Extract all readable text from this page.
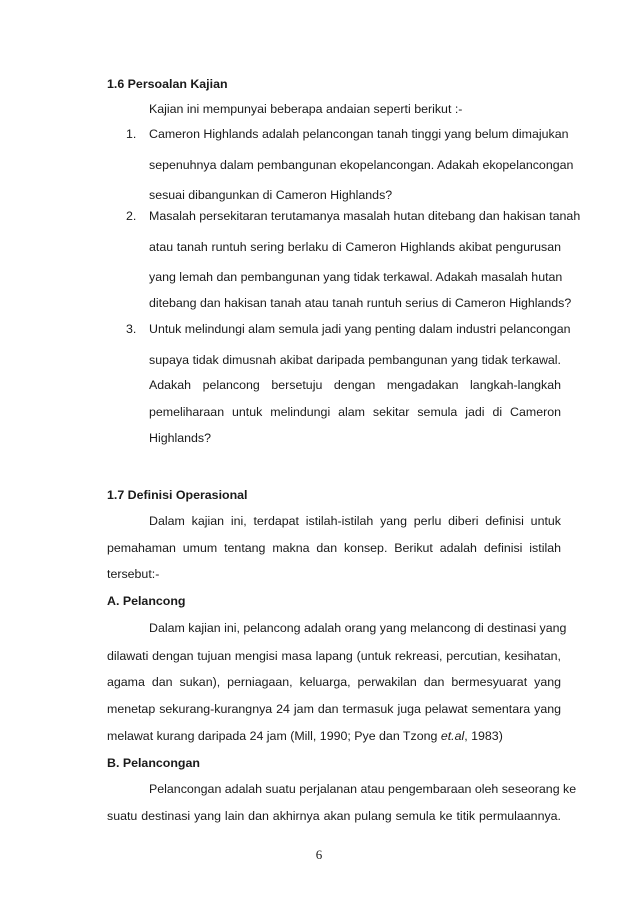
1.6 Persoalan Kajian
Kajian ini mempunyai beberapa andaian seperti berikut :-
1. Cameron Highlands adalah pelancongan tanah tinggi yang belum dimajukan
sepenuhnya dalam pembangunan ekopelancongan. Adakah ekopelancongan
sesuai dibangunkan di Cameron Highlands?
2. Masalah persekitaran terutamanya masalah hutan ditebang dan hakisan tanah
atau tanah runtuh sering berlaku di Cameron Highlands akibat pengurusan
yang lemah dan pembangunan yang tidak terkawal. Adakah masalah hutan
ditebang dan hakisan tanah atau tanah runtuh serius di Cameron Highlands?
3. Untuk melindungi alam semula jadi yang penting dalam industri pelancongan
supaya tidak dimusnah akibat daripada pembangunan yang tidak terkawal.
Adakah pelancong bersetuju dengan mengadakan langkah-langkah
pemeliharaan untuk melindungi alam sekitar semula jadi di Cameron
Highlands?
1.7 Definisi Operasional
Dalam kajian ini, terdapat istilah-istilah yang perlu diberi definisi untuk
pemahaman umum tentang makna dan konsep. Berikut adalah definisi istilah
tersebut:-
A. Pelancong
Dalam kajian ini, pelancong adalah orang yang melancong di destinasi yang
dilawati dengan tujuan mengisi masa lapang (untuk rekreasi, percutian, kesihatan,
agama dan sukan), perniagaan, keluarga, perwakilan dan bermesyuarat yang
menetap sekurang-kurangnya 24 jam dan termasuk juga pelawat sementara yang
melawat kurang daripada 24 jam (Mill, 1990; Pye dan Tzong et.al, 1983)
B. Pelancongan
Pelancongan adalah suatu perjalanan atau pengembaraan oleh seseorang ke
suatu destinasi yang lain dan akhirnya akan pulang semula ke titik permulaannya.
6
